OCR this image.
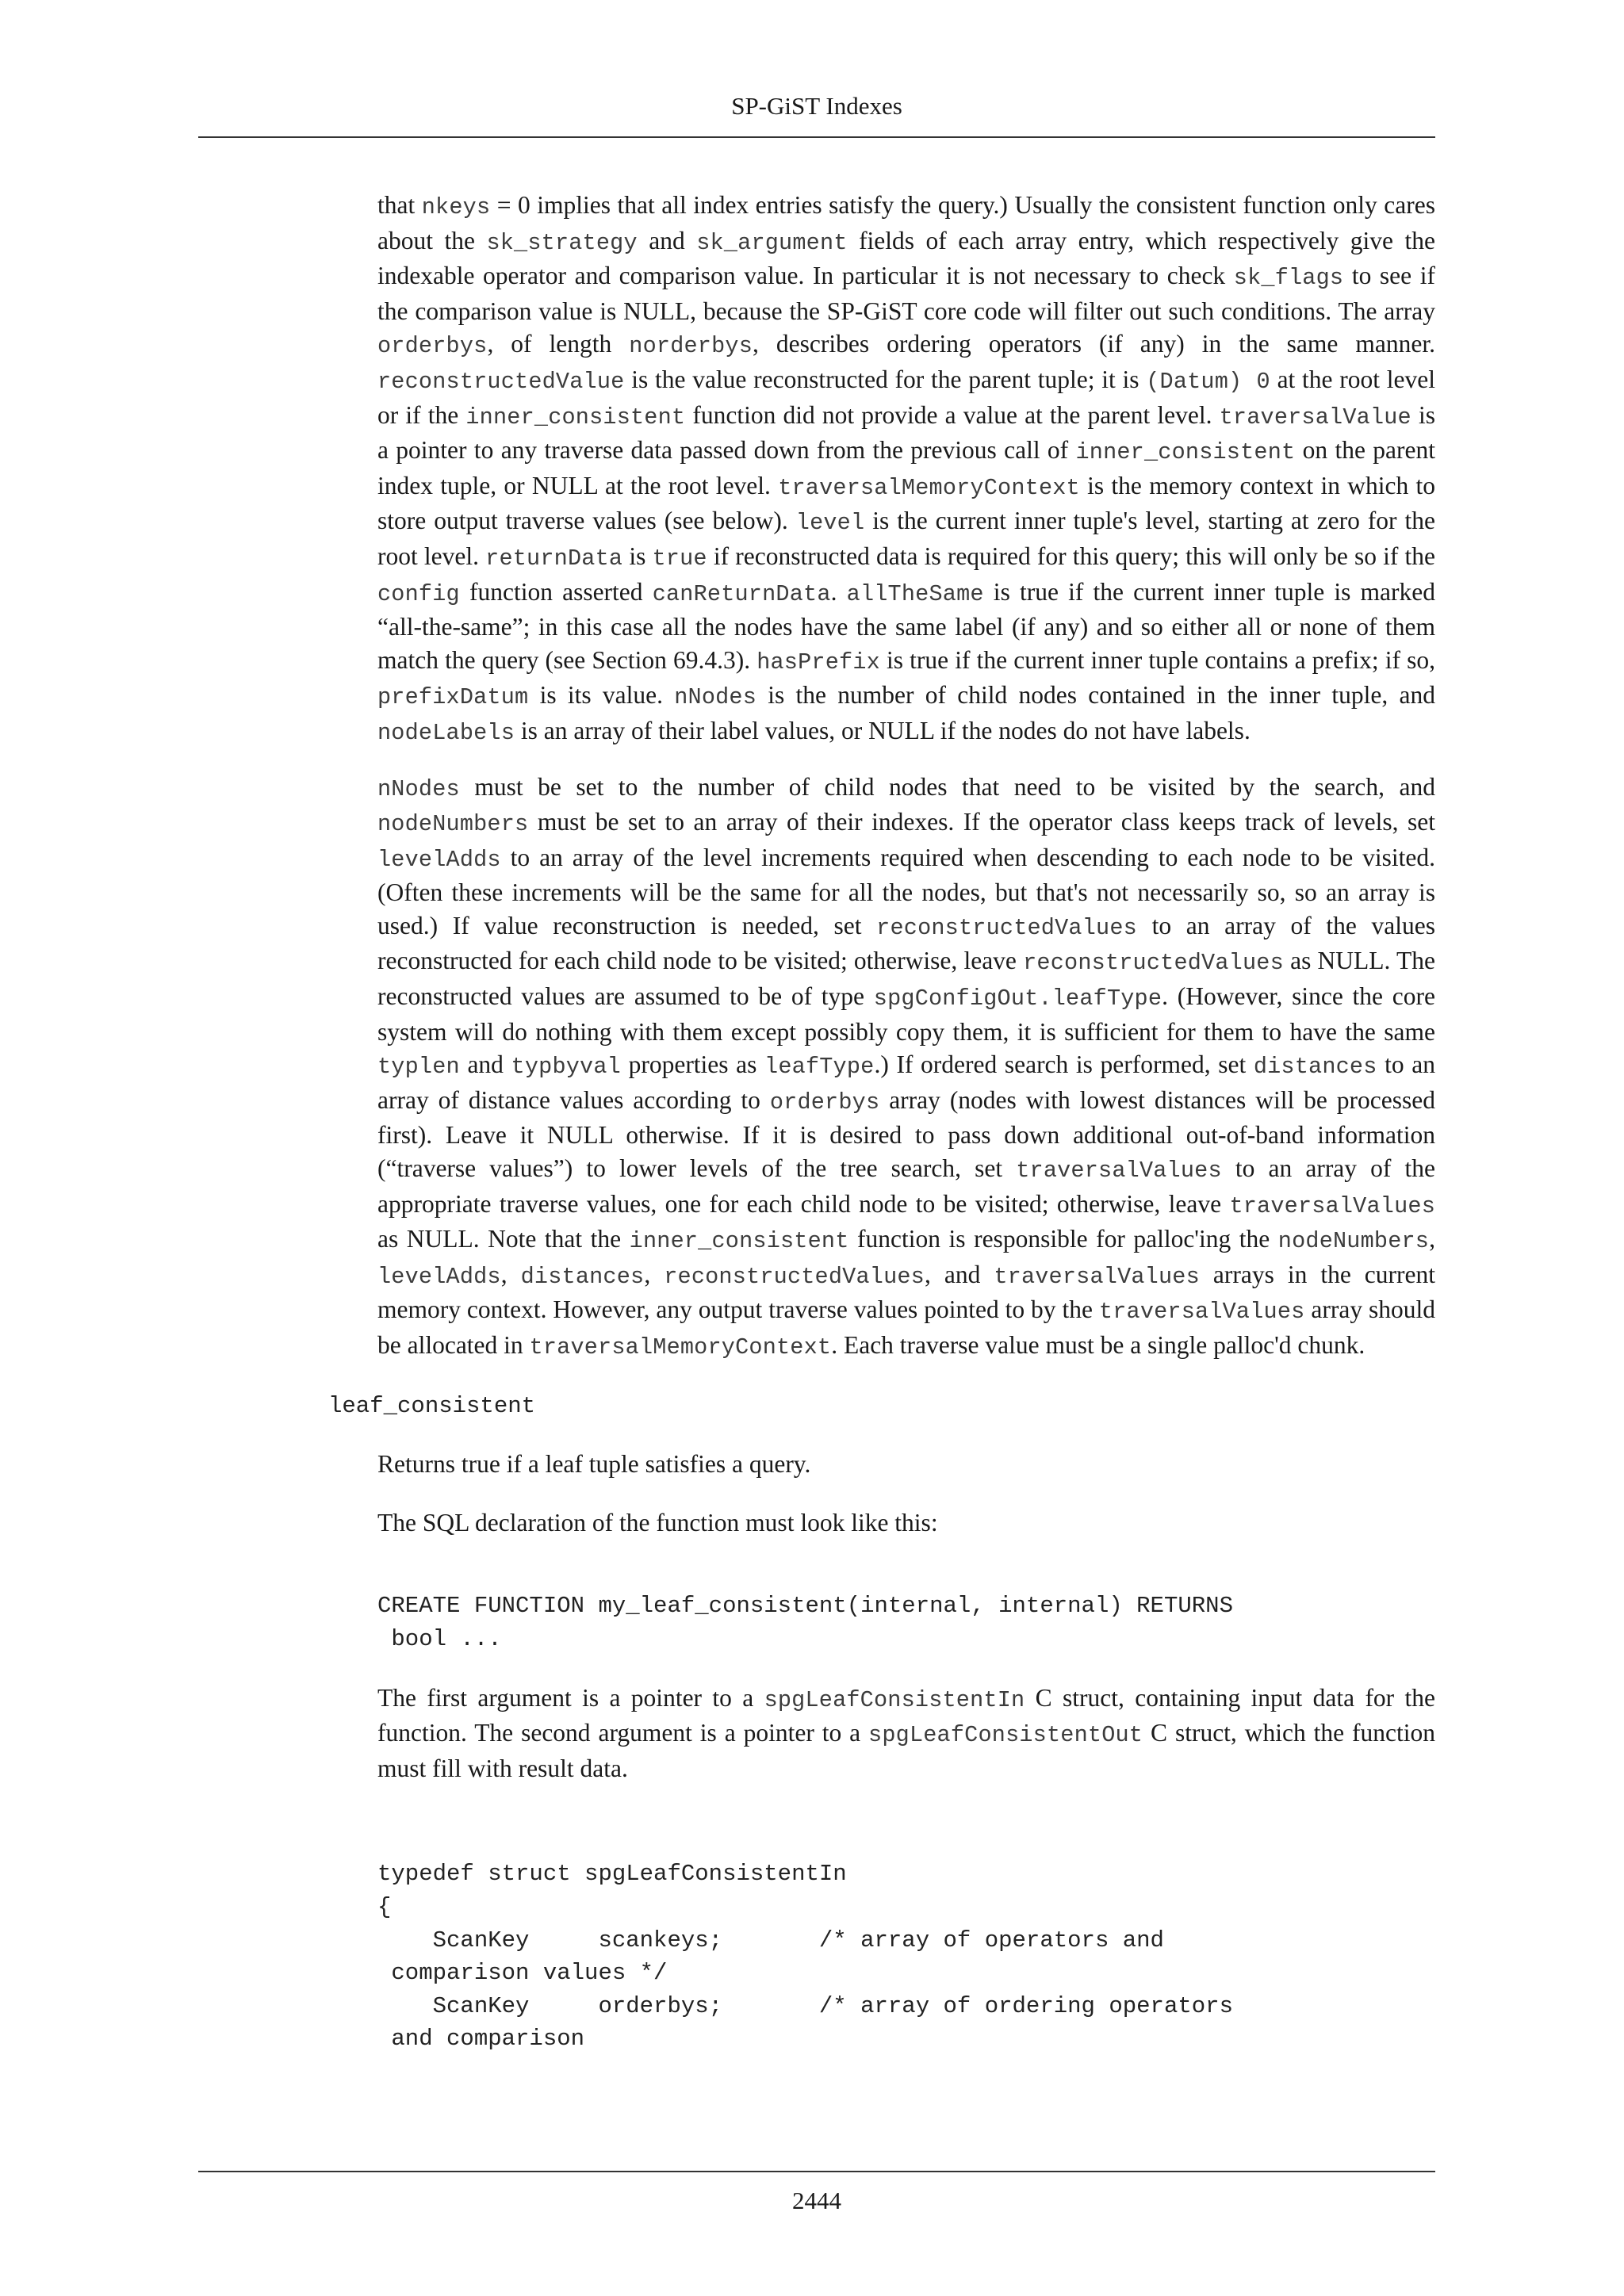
SP-GiST Indexes

that nkeys = 0 implies that all index entries satisfy the query.) Usually the consistent function only cares about the sk_strategy and sk_argument fields of each array entry, which respectively give the indexable operator and comparison value. In particular it is not necessary to check sk_flags to see if the comparison value is NULL, because the SP-GiST core code will filter out such conditions. The array orderbys, of length norderbys, describes ordering operators (if any) in the same manner. reconstructedValue is the value reconstructed for the parent tuple; it is (Datum) 0 at the root level or if the inner_consistent function did not provide a value at the parent level. traversalValue is a pointer to any traverse data passed down from the previous call of inner_consistent on the parent index tuple, or NULL at the root level. traversalMemoryContext is the memory context in which to store output traverse values (see below). level is the current inner tuple's level, starting at zero for the root level. returnData is true if reconstructed data is required for this query; this will only be so if the config function asserted canReturnData. allTheSame is true if the current inner tuple is marked “all-the-same”; in this case all the nodes have the same label (if any) and so either all or none of them match the query (see Section 69.4.3). hasPrefix is true if the current inner tuple contains a prefix; if so, prefixDatum is its value. nNodes is the number of child nodes contained in the inner tuple, and nodeLabels is an array of their label values, or NULL if the nodes do not have labels.

nNodes must be set to the number of child nodes that need to be visited by the search, and nodeNumbers must be set to an array of their indexes. If the operator class keeps track of levels, set levelAdds to an array of the level increments required when descending to each node to be visited. (Often these increments will be the same for all the nodes, but that's not necessarily so, so an array is used.) If value reconstruction is needed, set reconstructedValues to an array of the values reconstructed for each child node to be visited; otherwise, leave reconstructedValues as NULL. The reconstructed values are assumed to be of type spgConfigOut.leafType. (However, since the core system will do nothing with them except possibly copy them, it is sufficient for them to have the same typlen and typbyval properties as leafType.) If ordered search is performed, set distances to an array of distance values according to orderbys array (nodes with lowest distances will be processed first). Leave it NULL otherwise. If it is desired to pass down additional out-of-band information (“traverse values”) to lower levels of the tree search, set traversalValues to an array of the appropriate traverse values, one for each child node to be visited; otherwise, leave traversalValues as NULL. Note that the inner_consistent function is responsible for palloc'ing the nodeNumbers, levelAdds, distances, reconstructedValues, and traversalValues arrays in the current memory context. However, any output traverse values pointed to by the traversalValues array should be allocated in traversalMemoryContext. Each traverse value must be a single palloc'd chunk.

leaf_consistent

Returns true if a leaf tuple satisfies a query.

The SQL declaration of the function must look like this:

CREATE FUNCTION my_leaf_consistent(internal, internal) RETURNS
bool ...

The first argument is a pointer to a spgLeafConsistentIn C struct, containing input data for the function. The second argument is a pointer to a spgLeafConsistentOut C struct, which the function must fill with result data.

typedef struct spgLeafConsistentIn
{
ScanKey     scankeys;       /* array of operators and
comparison values */
ScanKey     orderbys;       /* array of ordering operators
and comparison
2444
